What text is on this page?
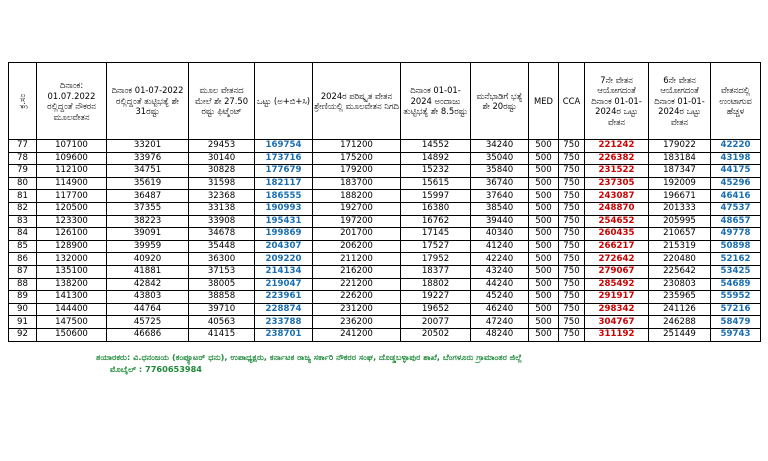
ಕ್ರ.ಸಂ	ದಿನಾಂಕ: 01.07.2022 ರಲ್ಲಿದ್ದಂತೆ ನೌಕರನ ಮೂಲವೇತನ	ದಿನಾಂಕ 01-07-2022 ರಲ್ಲಿದ್ದಂತೆ ತುಟ್ಟಿಭತ್ಯೆ ಶೇ 31ರಷ್ಟು	ಮೂಲ ವೇತನದ ಮೇಲೆ ಶೇ 27.50 ರಷ್ಟು ಫಿಟ್ಮೆಂಟ್	ಒಟ್ಟು (ಅ+ಬಿ+ಸಿ)	2024ರ ಪರಿಷ್ಕೃತ ವೇತನ ಶ್ರೇಣಿಯಲ್ಲಿ ಮೂಲವೇತನ ನಿಗದಿ	ದಿನಾಂಕ 01-01-2024 ಅಂದಾಜು ತುಟ್ಟಿಭತ್ಯೆ ಶೇ 8.5ರಷ್ಟು	ಮನೆಭಾಡಿಗೆ ಭತ್ಯೆ ಶೇ 20ರಷ್ಟು	MED	CCA	7ನೇ ವೇತನ ಆಯೋಗದಂತೆ ದಿನಾಂಕ 01-01-2024ರ ಒಟ್ಟು ವೇತನ	6ನೇ ವೇತನ ಆಯೋಗದಂತೆ ದಿನಾಂಕ 01-01-2024ರ ಒಟ್ಟು ವೇತನ	ವೇತನದಲ್ಲಿ ಉಂಟಾಗುವ ಹೆಚ್ಚಳ
77	107100	33201	29453	169754	171200	14552	34240	500	750	221242	179022	42220
78	109600	33976	30140	173716	175200	14892	35040	500	750	226382	183184	43198
79	112100	34751	30828	177679	179200	15232	35840	500	750	231522	187347	44175
80	114900	35619	31598	182117	183700	15615	36740	500	750	237305	192009	45296
81	117700	36487	32368	186555	188200	15997	37640	500	750	243087	196671	46416
82	120500	37355	33138	190993	192700	16380	38540	500	750	248870	201333	47537
83	123300	38223	33908	195431	197200	16762	39440	500	750	254652	205995	48657
84	126100	39091	34678	199869	201700	17145	40340	500	750	260435	210657	49778
85	128900	39959	35448	204307	206200	17527	41240	500	750	266217	215319	50898
86	132000	40920	36300	209220	211200	17952	42240	500	750	272642	220480	52162
87	135100	41881	37153	214134	216200	18377	43240	500	750	279067	225642	53425
88	138200	42842	38005	219047	221200	18802	44240	500	750	285492	230803	54689
89	141300	43803	38858	223961	226200	19227	45240	500	750	291917	235965	55952
90	144400	44764	39710	228874	231200	19652	46240	500	750	298342	241126	57216
91	147500	45725	40563	233788	236200	20077	47240	500	750	304767	246288	58479
92	150600	46686	41415	238701	241200	20502	48240	500	750	311192	251449	59743
ತಯಾರಕರು: ವಿ.ಧನಂಜಯ (ಕಂಪ್ಯೂಟರ್ ಧನು), ಉಪಾಧ್ಯಕ್ಷರು, ಕರ್ನಾಟಕ ರಾಜ್ಯ ಸರ್ಕಾರಿ ನೌಕರರ ಸಂಘ, ದೊಡ್ಡಬಳ್ಳಾಪುರ ಶಾಖೆ, ಬೆಂಗಳೂರು ಗ್ರಾಮಾಂತರ ಜಿಲ್ಲೆ
ಮೊಬೈಲ್ : 7760653984
